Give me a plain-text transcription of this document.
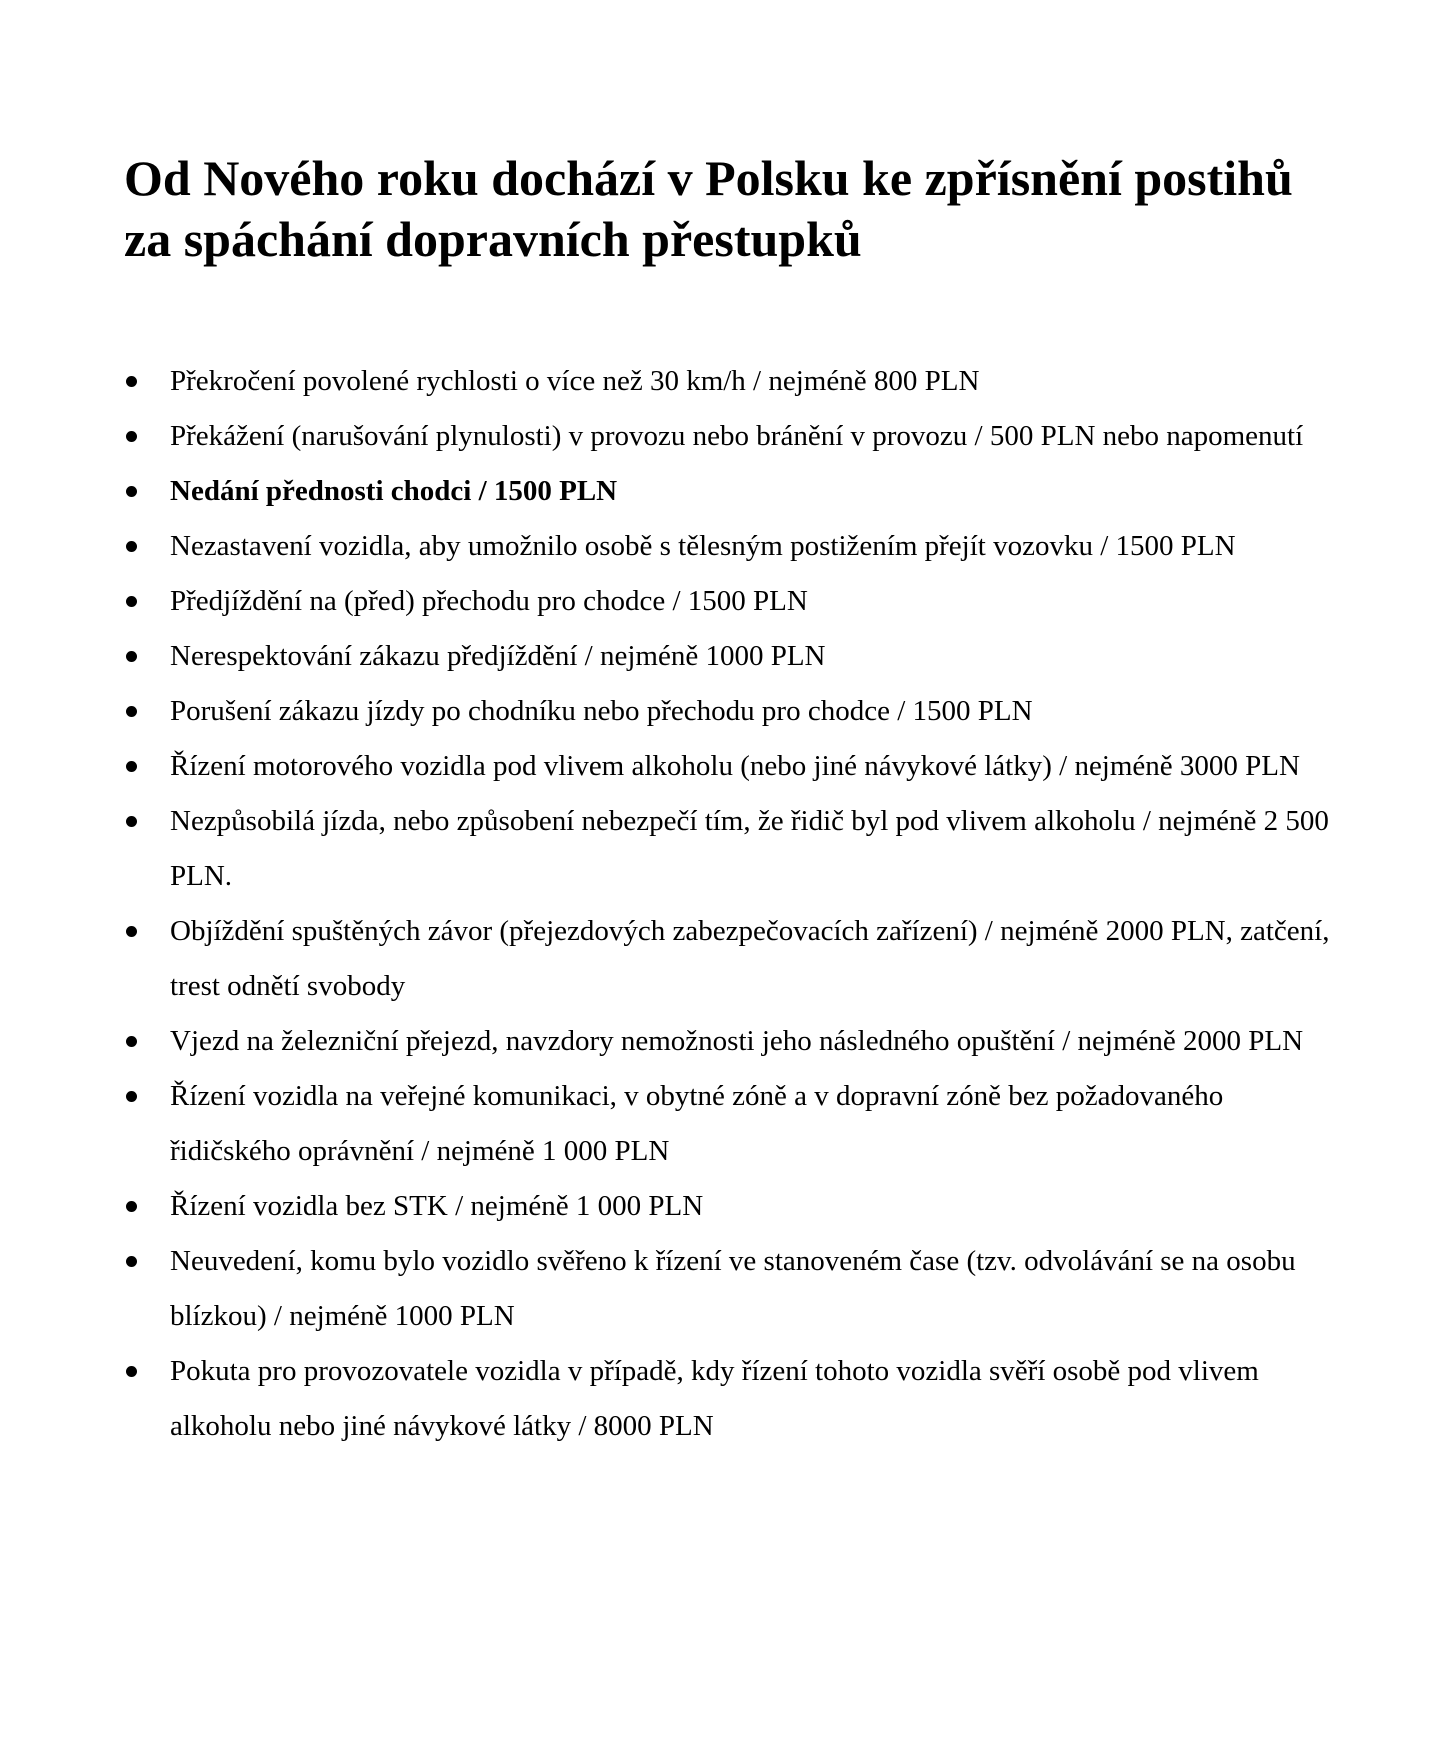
Od Nového roku dochází v Polsku ke zpřísnění postihů za spáchání dopravních přestupků
Překročení povolené rychlosti o více než 30 km/h / nejméně 800 PLN
Překážení (narušování plynulosti) v provozu nebo bránění v provozu / 500 PLN nebo napomenutí
Nedání přednosti chodci / 1500 PLN
Nezastavení vozidla, aby umožnilo osobě s tělesným postižením přejít vozovku / 1500 PLN
Předjíždění na (před) přechodu pro chodce / 1500 PLN
Nerespektování zákazu předjíždění / nejméně 1000 PLN
Porušení zákazu jízdy po chodníku nebo přechodu pro chodce / 1500 PLN
Řízení motorového vozidla pod vlivem alkoholu (nebo jiné návykové látky) / nejméně 3000 PLN
Nezpůsobilá jízda, nebo způsobení nebezpečí tím, že řidič byl pod vlivem alkoholu / nejméně 2 500 PLN.
Objíždění spuštěných závor (přejezdových zabezpečovacích zařízení) / nejméně 2000 PLN, zatčení, trest odnětí svobody
Vjezd na železniční přejezd, navzdory nemožnosti jeho následného opuštění / nejméně 2000 PLN
Řízení vozidla na veřejné komunikaci, v obytné zóně a v dopravní zóně bez požadovaného řidičského oprávnění / nejméně 1 000 PLN
Řízení vozidla bez STK / nejméně 1 000 PLN
Neuvedení, komu bylo vozidlo svěřeno k řízení ve stanoveném čase (tzv. odvolávání se na osobu blízkou) / nejméně 1000 PLN
Pokuta pro provozovatele vozidla v případě, kdy řízení tohoto vozidla svěří osobě pod vlivem alkoholu nebo jiné návykové látky / 8000 PLN
